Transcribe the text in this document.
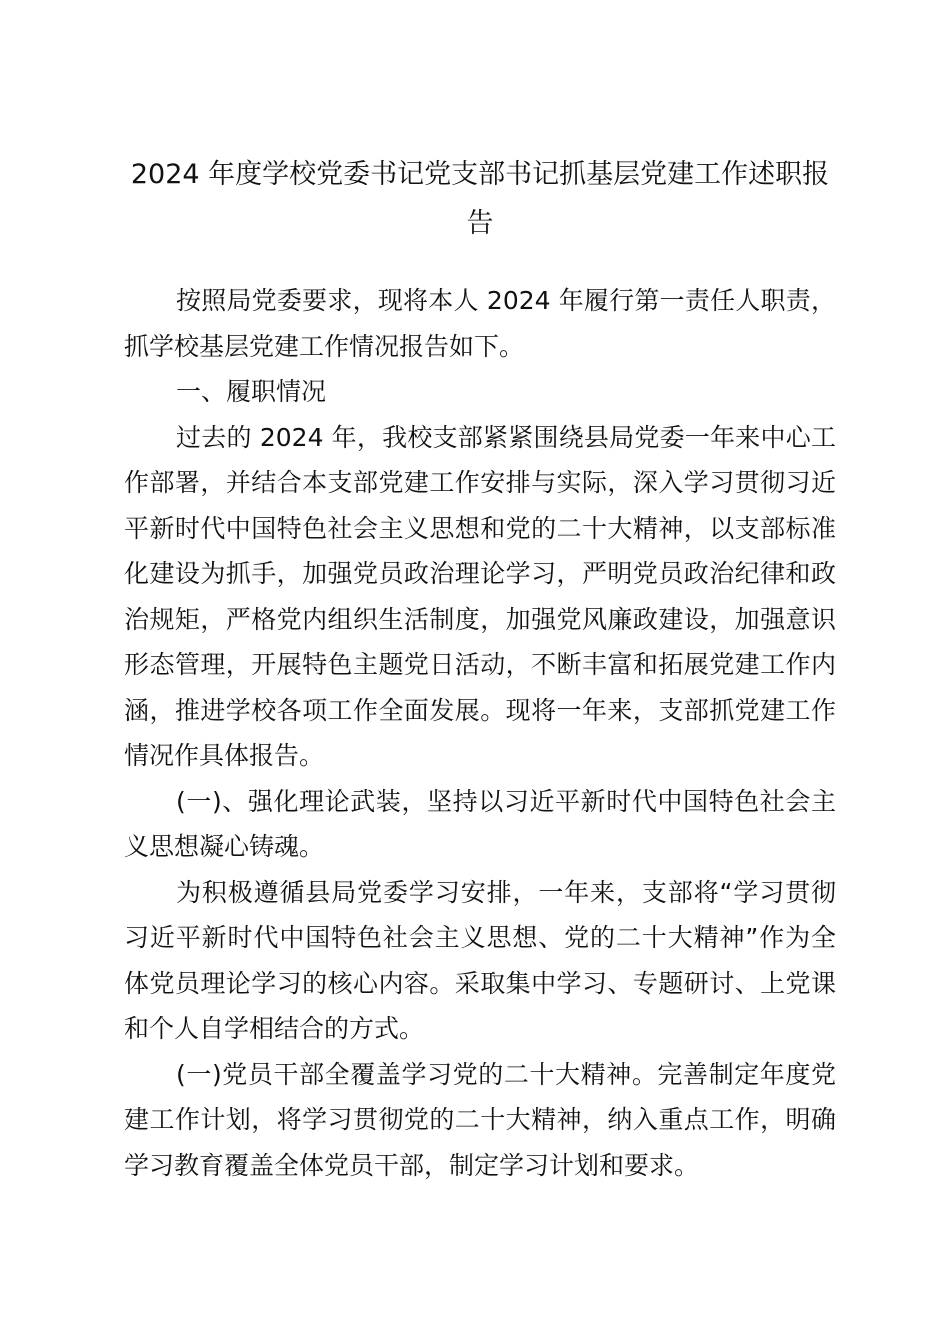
2024 年度学校党委书记党支部书记抓基层党建工作述职报告

按照局党委要求，现将本人 2024 年履行第一责任人职责，抓学校基层党建工作情况报告如下。

一、履职情况

过去的 2024 年，我校支部紧紧围绕县局党委一年来中心工作部署，并结合本支部党建工作安排与实际，深入学习贯彻习近平新时代中国特色社会主义思想和党的二十大精神，以支部标准化建设为抓手，加强党员政治理论学习，严明党员政治纪律和政治规矩，严格党内组织生活制度，加强党风廉政建设，加强意识形态管理，开展特色主题党日活动，不断丰富和拓展党建工作内涵，推进学校各项工作全面发展。现将一年来，支部抓党建工作情况作具体报告。

(一)、强化理论武装，坚持以习近平新时代中国特色社会主义思想凝心铸魂。

为积极遵循县局党委学习安排，一年来，支部将“学习贯彻习近平新时代中国特色社会主义思想、党的二十大精神”作为全体党员理论学习的核心内容。采取集中学习、专题研讨、上党课和个人自学相结合的方式。

(一)党员干部全覆盖学习党的二十大精神。完善制定年度党建工作计划，将学习贯彻党的二十大精神，纳入重点工作，明确学习教育覆盖全体党员干部，制定学习计划和要求。
